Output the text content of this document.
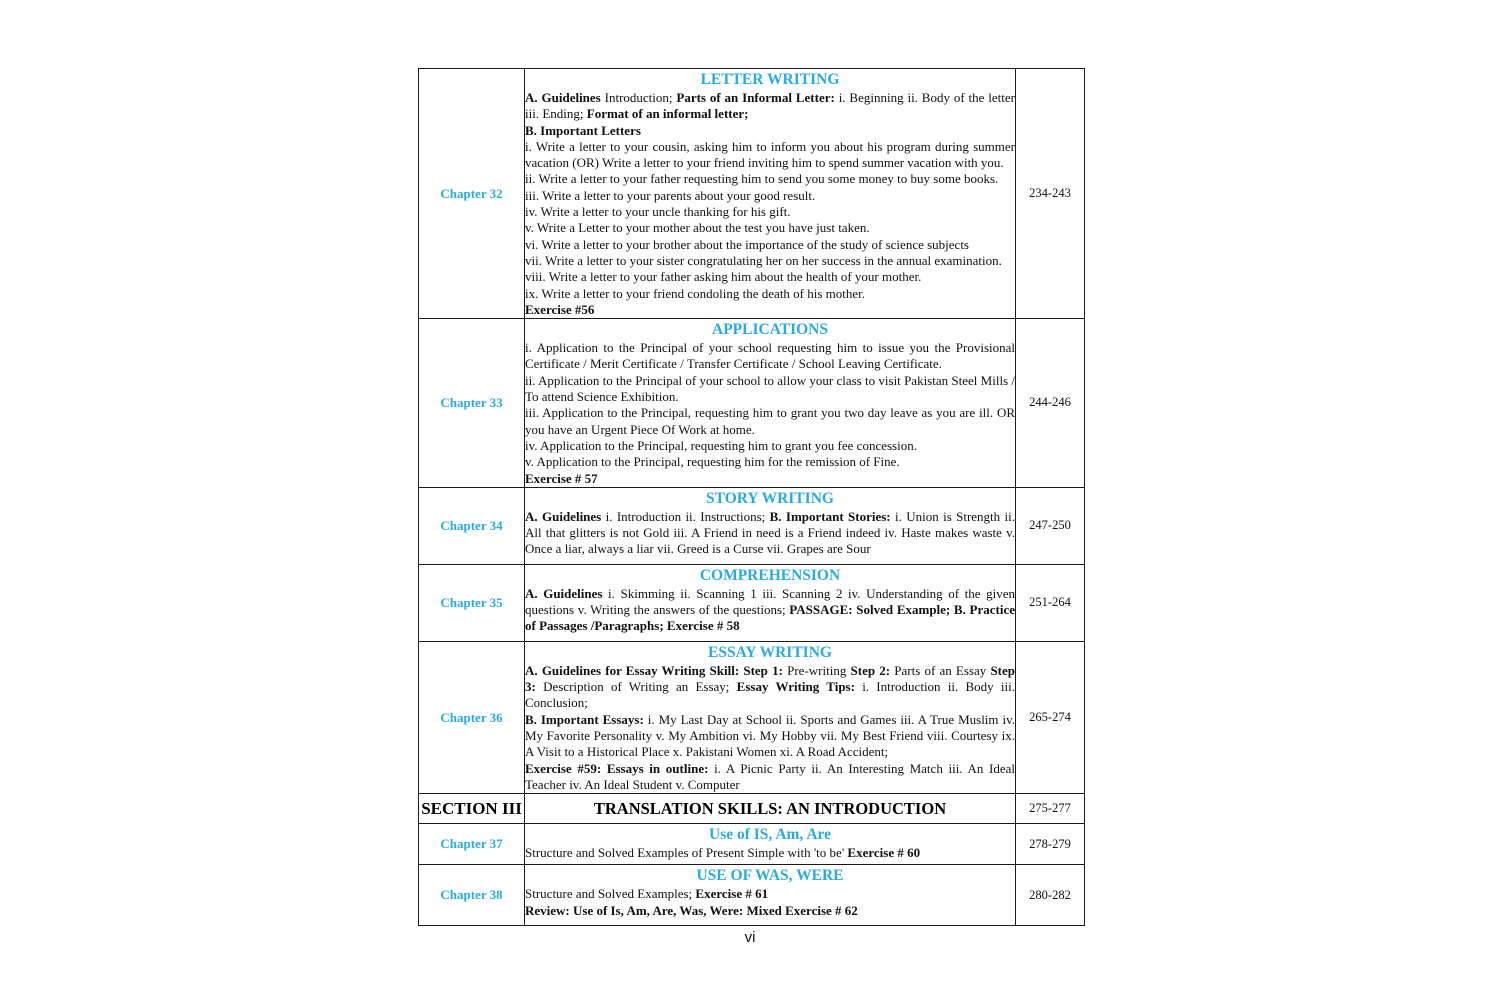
Chapter 32	
LETTER WRITING
A. Guidelines Introduction; Parts of an Informal Letter: i. Beginning ii. Body of the letter iii. Ending; Format of an informal letter;
B. Important Letters
i. Write a letter to your cousin, asking him to inform you about his program during summer vacation (OR) Write a letter to your friend inviting him to spend summer vacation with you.
ii. Write a letter to your father requesting him to send you some money to buy some books.
iii. Write a letter to your parents about your good result.
iv. Write a letter to your uncle thanking for his gift.
v. Write a Letter to your mother about the test you have just taken.
vi. Write a letter to your brother about the importance of the study of science subjects
vii. Write a letter to your sister congratulating her on her success in the annual examination.
viii. Write a letter to your father asking him about the health of your mother.
ix. Write a letter to your friend condoling the death of his mother.
Exercise #56
	234-243
Chapter 33	
APPLICATIONS
i. Application to the Principal of your school requesting him to issue you the Provisional Certificate / Merit Certificate / Transfer Certificate / School Leaving Certificate.
ii. Application to the Principal of your school to allow your class to visit Pakistan Steel Mills / To attend Science Exhibition.
iii. Application to the Principal, requesting him to grant you two day leave as you are ill. OR you have an Urgent Piece Of Work at home.
iv. Application to the Principal, requesting him to grant you fee concession.
v. Application to the Principal, requesting him for the remission of Fine.
Exercise # 57
	244-246
Chapter 34	STORY WRITING
A. Guidelines i. Introduction ii. Instructions; B. Important Stories: i. Union is Strength ii. All that glitters is not Gold iii. A Friend in need is a Friend indeed iv. Haste makes waste v. Once a liar, always a liar vii. Greed is a Curse vii. Grapes are Sour	247-250
Chapter 35	COMPREHENSION
A. Guidelines i. Skimming ii. Scanning 1 iii. Scanning 2 iv. Understanding of the given questions v. Writing the answers of the questions; PASSAGE: Solved Example; B. Practice of Passages /Paragraphs; Exercise # 58	251-264
Chapter 36	ESSAY WRITING
A. Guidelines for Essay Writing Skill: Step 1: Pre-writing Step 2: Parts of an Essay Step 3: Description of Writing an Essay; Essay Writing Tips: i. Introduction ii. Body iii. Conclusion;
B. Important Essays: i. My Last Day at School ii. Sports and Games iii. A True Muslim iv. My Favorite Personality v. My Ambition vi. My Hobby vii. My Best Friend viii. Courtesy ix. A Visit to a Historical Place x. Pakistani Women xi. A Road Accident;
Exercise #59: Essays in outline: i. A Picnic Party ii. An Interesting Match iii. An Ideal Teacher iv. An Ideal Student v. Computer	265-274
SECTION III	TRANSLATION SKILLS: AN INTRODUCTION	275-277
Chapter 37	Use of IS, Am, Are
Structure and Solved Examples of Present Simple with 'to be' Exercise # 60	278-279
Chapter 38	USE OF WAS, WERE
Structure and Solved Examples; Exercise # 61
Review: Use of Is, Am, Are, Was, Were: Mixed Exercise # 62	280-282
vi
